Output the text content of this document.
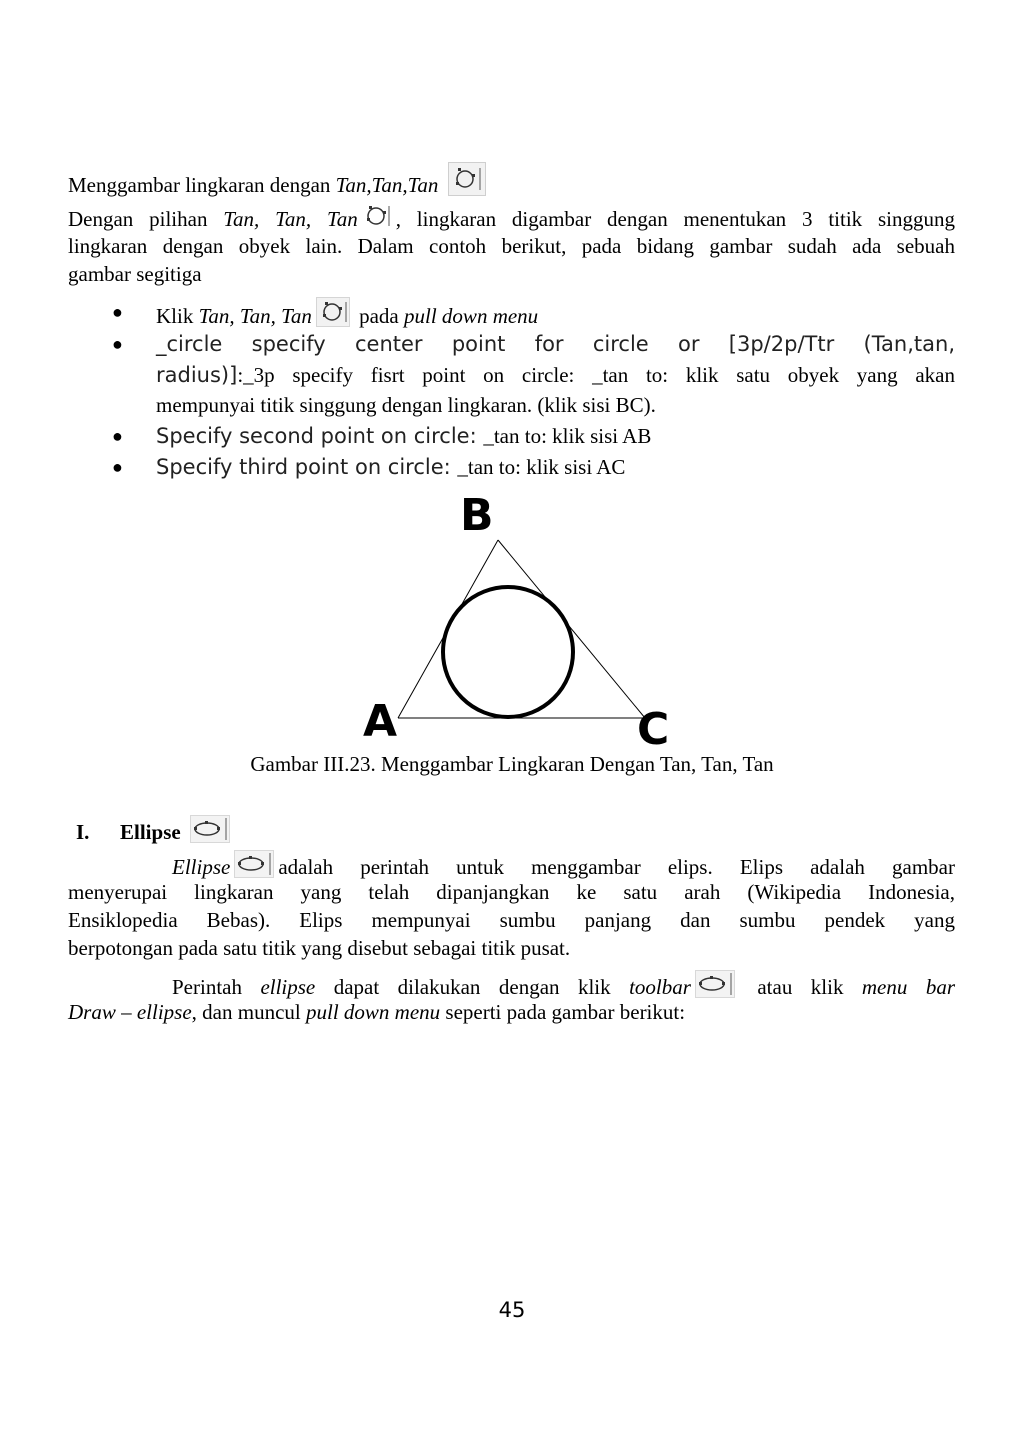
Menggambar lingkaran dengan Tan,Tan,Tan
Dengan pilihan Tan, Tan, Tan , lingkaran digambar dengan menentukan 3 titik singgung
lingkaran dengan obyek lain. Dalam contoh berikut, pada bidang gambar sudah ada sebuah
gambar segitiga
● Klik Tan, Tan, Tan
pada pull down menu
● _circle specify center point for circle or [3p/2p/Ttr (Tan,tan,
radius)]:_3p specify fisrt point on circle: _tan to: klik satu obyek yang akan
mempunyai titik singgung dengan lingkaran. (klik sisi BC).
● Specify second point on circle: _tan to: klik sisi AB
● Specify third point on circle: _tan to: klik sisi AC
B
A	C
Gambar III.23. Menggambar Lingkaran Dengan Tan, Tan, Tan
I. Ellipse
Ellipse adalah perintah untuk menggambar elips. Elips adalah gambar
menyerupai lingkaran yang telah dipanjangkan ke satu arah (Wikipedia Indonesia,
Ensiklopedia Bebas). Elips mempunyai sumbu panjang dan sumbu pendek yang
berpotongan pada satu titik yang disebut sebagai titik pusat.
Perintah ellipse dapat dilakukan dengan klik toolbar
atau klik menu bar
Draw – ellipse, dan muncul pull down menu seperti pada gambar berikut:
45
